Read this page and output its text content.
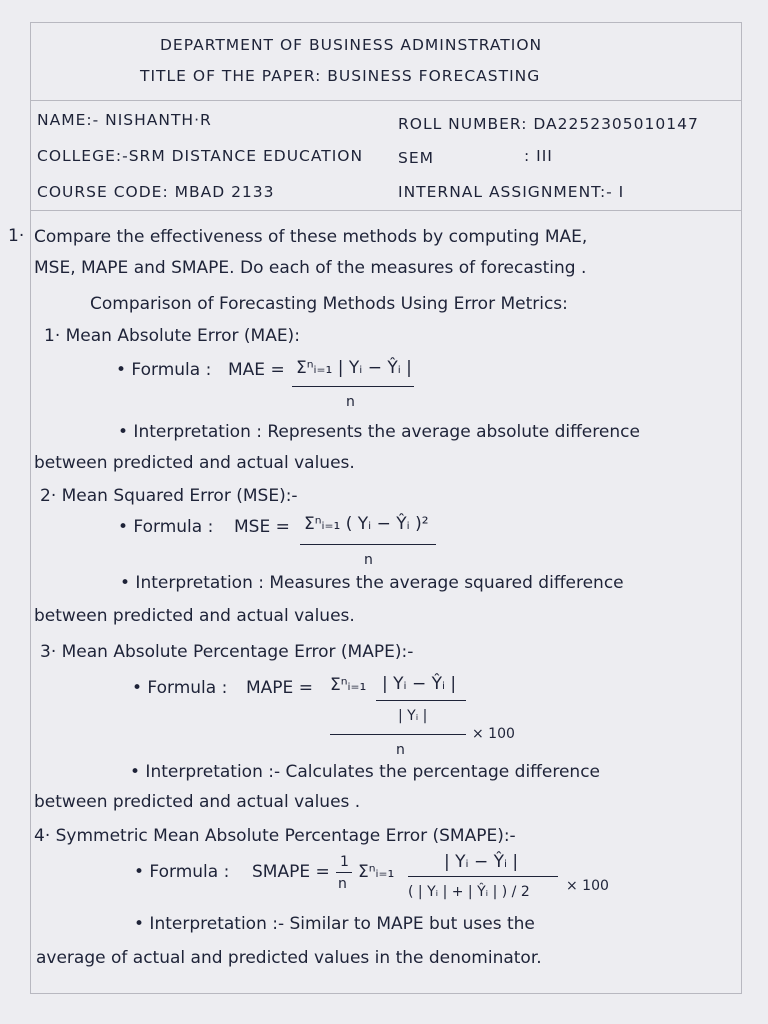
DEPARTMENT OF BUSINESS ADMINSTRATION
TITLE OF THE PAPER: BUSINESS FORECASTING
NAME:- NISHANTH·R	ROLL NUMBER: DA2252305010147
COLLEGE:-SRM DISTANCE EDUCATION SEM	: III
COURSE CODE: MBAD 2133	INTERNAL ASSIGNMENT:- I
1· Compare the effectiveness of these methods by computing MAE,
MSE, MAPE and SMAPE. Do each of the measures of forecasting .
Comparison of Forecasting Methods Using Error Metrics:
1· Mean Absolute Error (MAE):
• Formula : MAE = Σⁿᵢ₌₁ | Yᵢ − Ŷᵢ |
n
• Interpretation : Represents the average absolute difference
between predicted and actual values.
2· Mean Squared Error (MSE):-
• Formula : MSE = Σⁿᵢ₌₁ ( Yᵢ − Ŷᵢ )²
n
• Interpretation : Measures the average squared difference
between predicted and actual values.
3· Mean Absolute Percentage Error (MAPE):-
• Formula : MAPE = Σⁿᵢ₌₁ | Yᵢ − Ŷᵢ |
| Yᵢ |
× 100
n
• Interpretation :- Calculates the percentage difference
between predicted and actual values .
4· Symmetric Mean Absolute Percentage Error (SMAPE):-
• Formula : SMAPE = 1
n
Σⁿᵢ₌₁	| Yᵢ − Ŷᵢ |
( | Yᵢ | + | Ŷᵢ | ) / 2	× 100
• Interpretation :- Similar to MAPE but uses the
average of actual and predicted values in the denominator.
